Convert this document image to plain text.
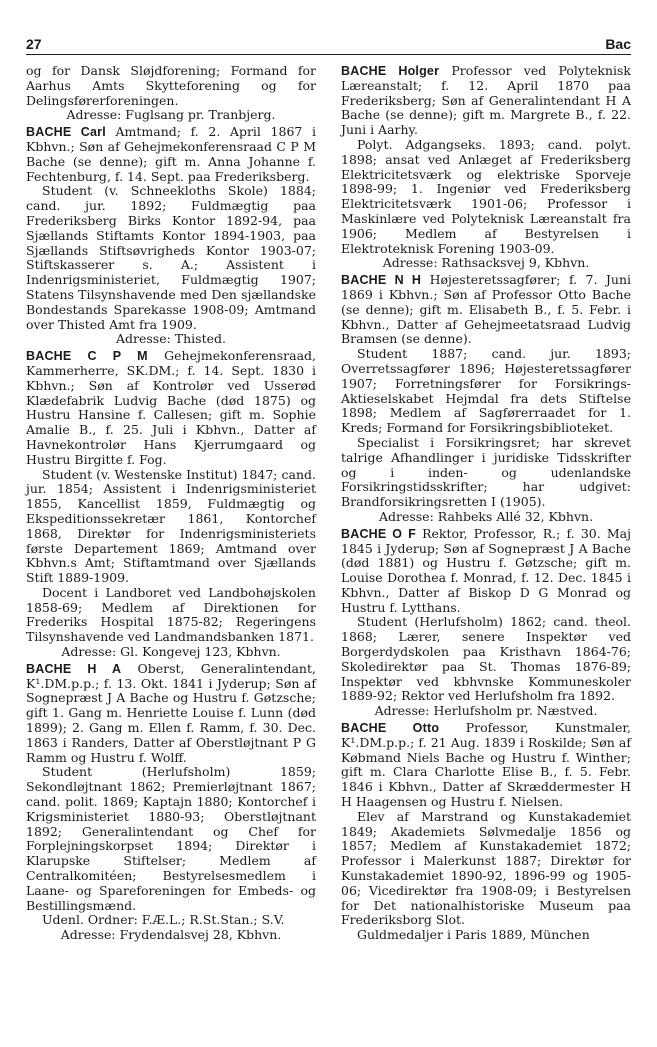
27	Bac

og for Dansk Sløjdforening; Formand for Aarhus Amts Skytteforening og for Delingsførerforeningen.

Adresse: Fuglsang pr. Tranbjerg.

BACHE Carl Amtmand; f. 2. April 1867 i Kbhvn.; Søn af Gehejmekonferensraad C P M Bache (se denne); gift m. Anna Johanne f. Fechtenburg, f. 14. Sept. paa Frederiksberg.

Student (v. Schneekloths Skole) 1884; cand. jur. 1892; Fuldmægtig paa Frederiksberg Birks Kontor 1892-94, paa Sjællands Stiftamts Kontor 1894-1903, paa Sjællands Stiftsøvrigheds Kontor 1903-07; Stiftskasserer s. A.; Assistent i Indenrigsministeriet, Fuldmægtig 1907; Statens Tilsynshavende med Den sjællandske Bondestands Sparekasse 1908-09; Amtmand over Thisted Amt fra 1909.

Adresse: Thisted.

BACHE C P M Gehejmekonferensraad, Kammerherre, SK.DM.; f. 14. Sept. 1830 i Kbhvn.; Søn af Kontrolør ved Usserød Klædefabrik Ludvig Bache (død 1875) og Hustru Hansine f. Callesen; gift m. Sophie Amalie B., f. 25. Juli i Kbhvn., Datter af Havnekontrolør Hans Kjerrumgaard og Hustru Birgitte f. Fog.

Student (v. Westenske Institut) 1847; cand. jur. 1854; Assistent i Indenrigsministeriet 1855, Kancellist 1859, Fuldmægtig og Ekspeditionssekretær 1861, Kontorchef 1868, Direktør for Indenrigsministeriets første Departement 1869; Amtmand over Kbhvn.s Amt; Stiftamtmand over Sjællands Stift 1889-1909.

Docent i Landboret ved Landbohøjskolen 1858-69; Medlem af Direktionen for Frederiks Hospital 1875-82; Regeringens Tilsynshavende ved Landmandsbanken 1871.

Adresse: Gl. Kongevej 123, Kbhvn.

BACHE H A Oberst, Generalintendant, K¹.DM.p.p.; f. 13. Okt. 1841 i Jyderup; Søn af Sognepræst J A Bache og Hustru f. Gøtzsche; gift 1. Gang m. Henriette Louise f. Lunn (død 1899); 2. Gang m. Ellen f. Ramm, f. 30. Dec. 1863 i Randers, Datter af Oberstløjtnant P G Ramm og Hustru f. Wolff.

Student (Herlufsholm) 1859; Sekondløjtnant 1862; Premierløjtnant 1867; cand. polit. 1869; Kaptajn 1880; Kontorchef i Krigsministeriet 1880-93; Oberstløjtnant 1892; Generalintendant og Chef for Forplejningskorpset 1894; Direktør i Klarupske Stiftelser; Medlem af Centralkomitéen; Bestyrelsesmedlem i Laane- og Spareforeningen for Embeds- og Bestillingsmænd.

Udenl. Ordner: F.Æ.L.; R.St.Stan.; S.V.

Adresse: Frydendalsvej 28, Kbhvn.

BACHE Holger Professor ved Polyteknisk Læreanstalt; f. 12. April 1870 paa Frederiksberg; Søn af Generalintendant H A Bache (se denne); gift m. Margrete B., f. 22. Juni i Aarhy.

Polyt. Adgangseks. 1893; cand. polyt. 1898; ansat ved Anlæget af Frederiksberg Elektricitetsværk og elektriske Sporveje 1898-99; 1. Ingeniør ved Frederiksberg Elektricitetsværk 1901-06; Professor i Maskinlære ved Polyteknisk Læreanstalt fra 1906; Medlem af Bestyrelsen i Elektroteknisk Forening 1903-09.

Adresse: Rathsacksvej 9, Kbhvn.

BACHE N H Højesteretssagfører; f. 7. Juni 1869 i Kbhvn.; Søn af Professor Otto Bache (se denne); gift m. Elisabeth B., f. 5. Febr. i Kbhvn., Datter af Gehejmeetatsraad Ludvig Bramsen (se denne).

Student 1887; cand. jur. 1893; Overretssagfører 1896; Højesteretssagfører 1907; Forretningsfører for Forsikrings-Aktieselskabet Hejmdal fra dets Stiftelse 1898; Medlem af Sagførerraadet for 1. Kreds; Formand for Forsikringsbiblioteket.

Specialist i Forsikringsret; har skrevet talrige Afhandlinger i juridiske Tidsskrifter og i inden- og udenlandske Forsikringstidsskrifter; har udgivet: Brandforsikringsretten I (1905).

Adresse: Rahbeks Allé 32, Kbhvn.

BACHE O F Rektor, Professor, R.; f. 30. Maj 1845 i Jyderup; Søn af Sognepræst J A Bache (død 1881) og Hustru f. Gøtzsche; gift m. Louise Dorothea f. Monrad, f. 12. Dec. 1845 i Kbhvn., Datter af Biskop D G Monrad og Hustru f. Lytthans.

Student (Herlufsholm) 1862; cand. theol. 1868; Lærer, senere Inspektør ved Borgerdydskolen paa Kristhavn 1864-76; Skoledirektør paa St. Thomas 1876-89; Inspektør ved kbhvnske Kommuneskoler 1889-92; Rektor ved Herlufsholm fra 1892.

Adresse: Herlufsholm pr. Næstved.

BACHE Otto Professor, Kunstmaler, K¹.DM.p.p.; f. 21 Aug. 1839 i Roskilde; Søn af Købmand Niels Bache og Hustru f. Winther; gift m. Clara Charlotte Elise B., f. 5. Febr. 1846 i Kbhvn., Datter af Skræddermester H H Haagensen og Hustru f. Nielsen.

Elev af Marstrand og Kunstakademiet 1849; Akademiets Sølvmedalje 1856 og 1857; Medlem af Kunstakademiet 1872; Professor i Malerkunst 1887; Direktør for Kunstakademiet 1890-92, 1896-99 og 1905-06; Vicedirektør fra 1908-09; i Bestyrelsen for Det nationalhistoriske Museum paa Frederiksborg Slot.

Guldmedaljer i Paris 1889, München
